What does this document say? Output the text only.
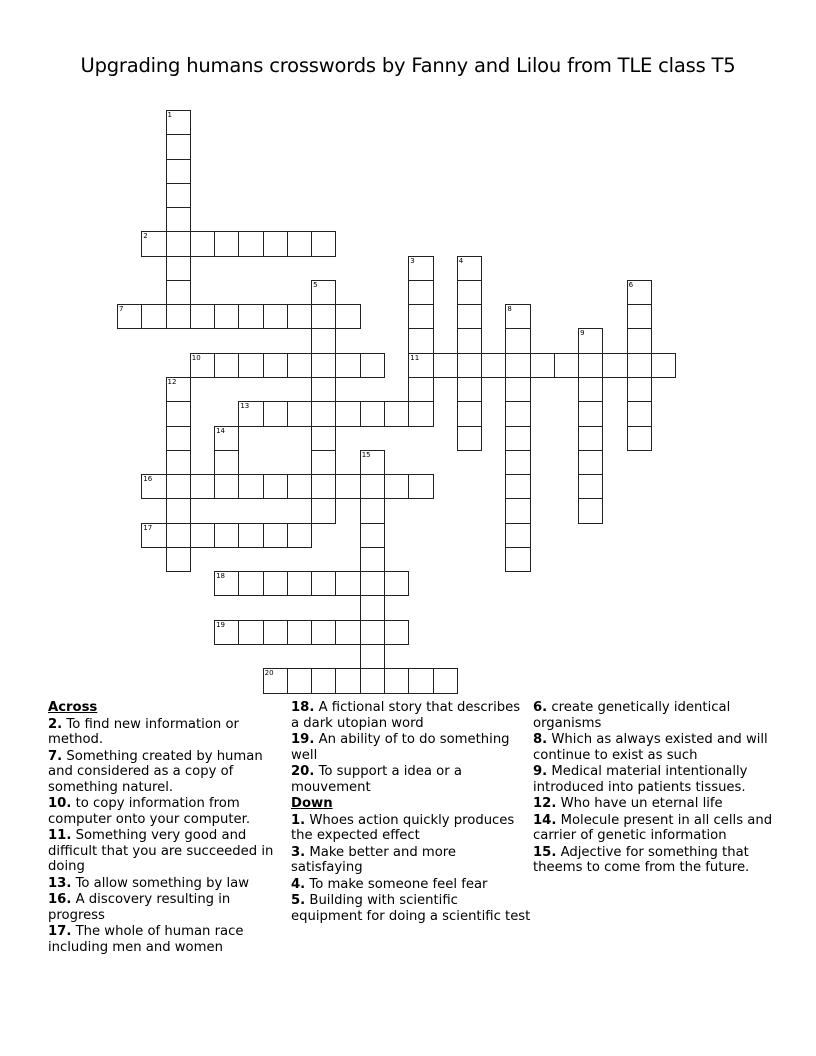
Upgrading humans crosswords by Fanny and Lilou from TLE class T5
1
2
3
11
4
5	6
7	8
9
10
12
13
14
15
16
17
18
19
20
Across
2. To find new information or method.
7. Something created by human and considered as a copy of something naturel.
10. to copy information from computer onto your computer.
11. Something very good and difficult that you are succeeded in doing
13. To allow something by law
16. A discovery resulting in progress
17. The whole of human race including men and women
18. A fictional story that describes a dark utopian word
19. An ability of to do something well
20. To support a idea or a mouvement
Down
1. Whoes action quickly produces the expected effect
3. Make better and more satisfaying
4. To make someone feel fear
5. Building with scientific equipment for doing a scientific test
6. create genetically identical organisms
8. Which as always existed and will continue to exist as such
9. Medical material intentionally introduced into patients tissues.
12. Who have un eternal life
14. Molecule present in all cells and carrier of genetic information
15. Adjective for something that theems to come from the future.
